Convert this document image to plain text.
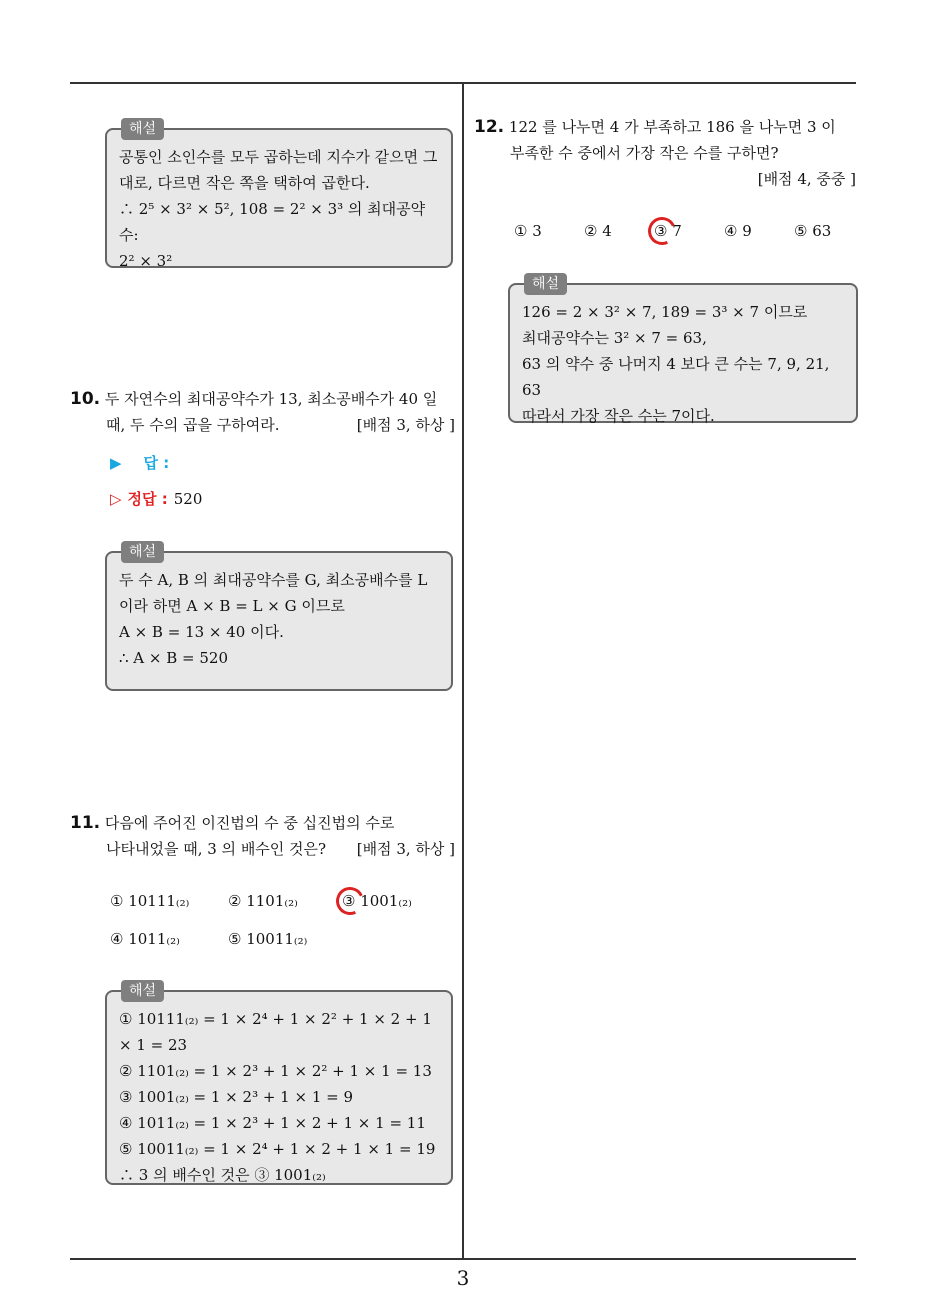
해설

공통인 소인수를 모두 곱하는데 지수가 같으면 그

대로, 다르면 작은 쪽을 택하여 곱한다.

∴ 2⁵ × 3² × 5², 108 = 2² × 3³ 의 최대공약수:

2² × 3²

10. 두 자연수의 최대공약수가 13, 최소공배수가 40 일
때, 두 수의 곱을 구하여라.	[배점 3, 하상 ]
▶ 답 :
▷ 정답 : 520
해설

두 수 A, B 의 최대공약수를 G, 최소공배수를 L

이라 하면 A × B = L × G 이므로

A × B = 13 × 40 이다.

∴ A × B = 520

11. 다음에 주어진 이진법의 수 중 십진법의 수로
나타내었을 때, 3 의 배수인 것은? [배점 3, 하상 ]
① 10111₍₂₎	② 1101₍₂₎	③ 1001₍₂₎
④ 1011₍₂₎	⑤ 10011₍₂₎
해설

① 10111₍₂₎ = 1 × 2⁴ + 1 × 2² + 1 × 2 + 1 × 1 = 23

② 1101₍₂₎ = 1 × 2³ + 1 × 2² + 1 × 1 = 13

③ 1001₍₂₎ = 1 × 2³ + 1 × 1 = 9

④ 1011₍₂₎ = 1 × 2³ + 1 × 2 + 1 × 1 = 11

⑤ 10011₍₂₎ = 1 × 2⁴ + 1 × 2 + 1 × 1 = 19

∴ 3 의 배수인 것은 ③ 1001₍₂₎

12. 122 를 나누면 4 가 부족하고 186 을 나누면 3 이
부족한 수 중에서 가장 작은 수를 구하면?
[배점 4, 중중 ]
① 3	② 4	③ 7	④ 9	⑤ 63
해설

126 = 2 × 3² × 7, 189 = 3³ × 7 이므로

최대공약수는 3² × 7 = 63,

63 의 약수 중 나머지 4 보다 큰 수는 7, 9, 21, 63

따라서 가장 작은 수는 7이다.

3
